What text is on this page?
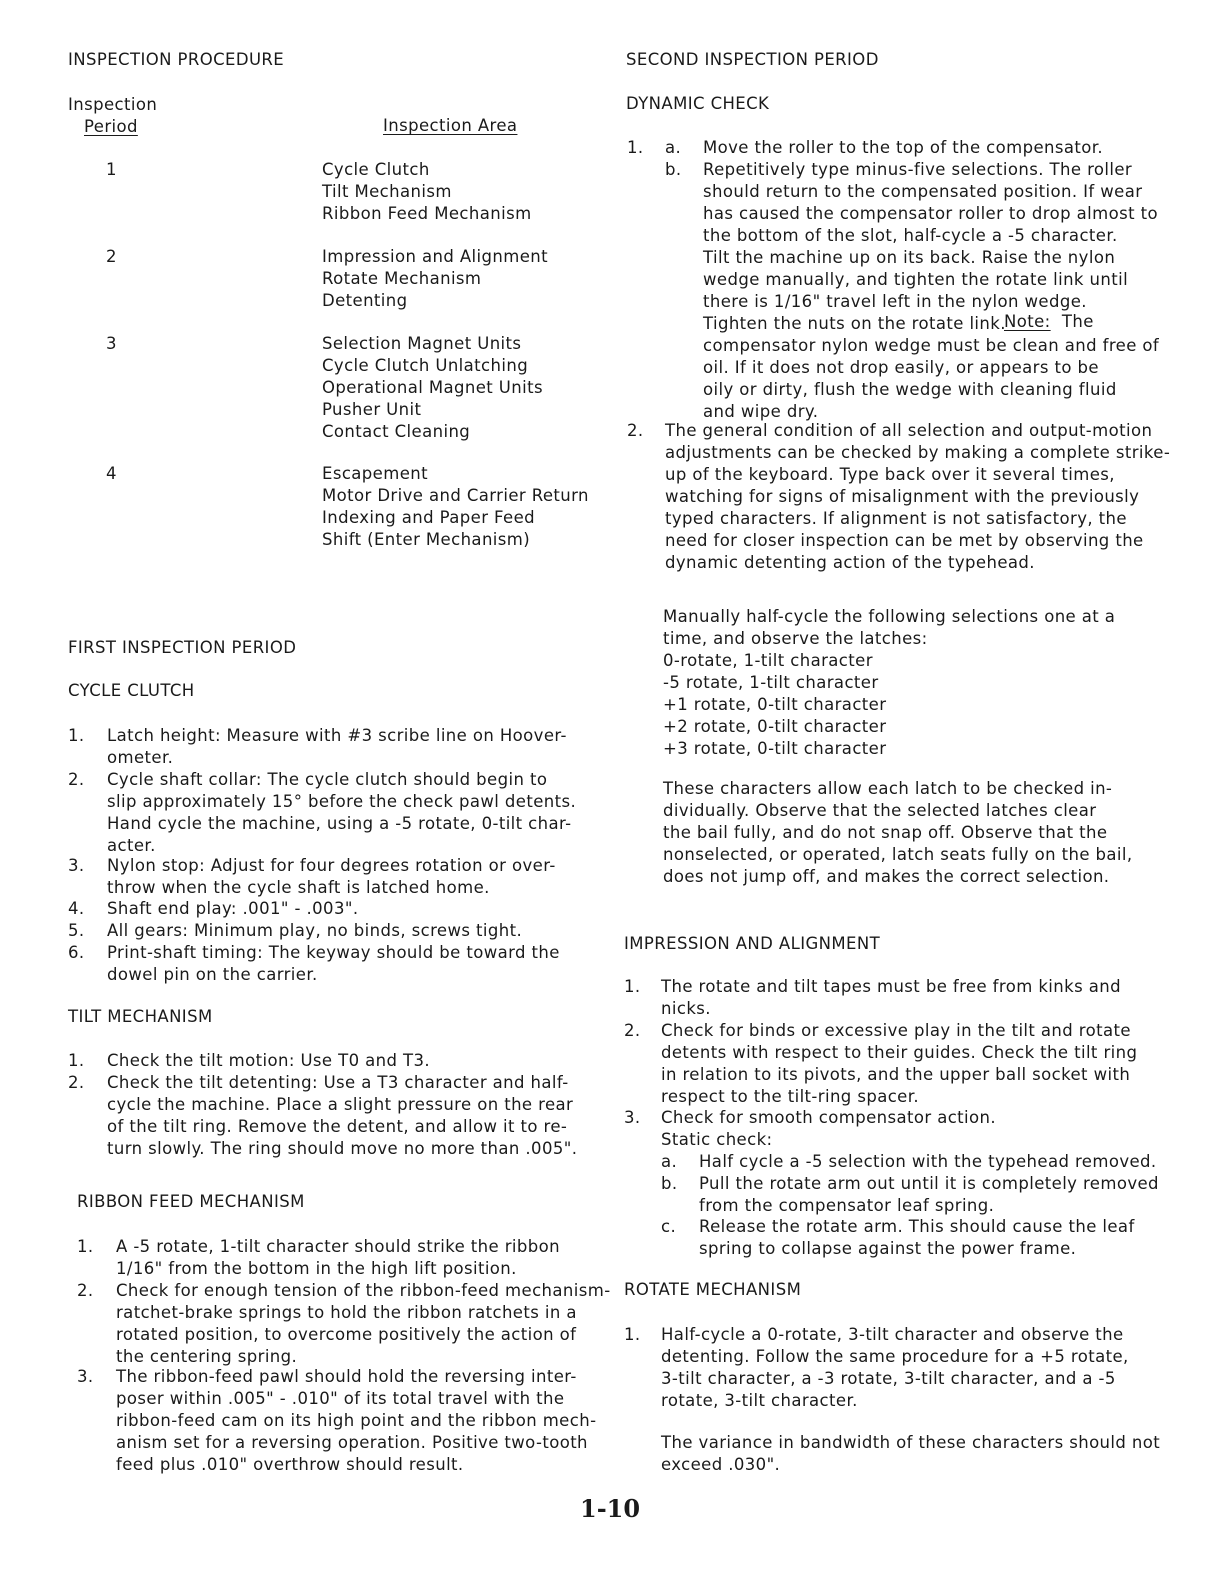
INSPECTION PROCEDURE
Inspection
Period	Inspection Area
1	Cycle Clutch
Tilt Mechanism
Ribbon Feed Mechanism
2	Impression and Alignment
Rotate Mechanism
Detenting
3	Selection Magnet Units
Cycle Clutch Unlatching
Operational Magnet Units
Pusher Unit
Contact Cleaning
4	Escapement
Motor Drive and Carrier Return
Indexing and Paper Feed
Shift (Enter Mechanism)
FIRST INSPECTION PERIOD
CYCLE CLUTCH
1. Latch height: Measure with #3 scribe line on Hoover-
ometer.
2. Cycle shaft collar: The cycle clutch should begin to
slip approximately 15° before the check pawl detents.
Hand cycle the machine, using a -5 rotate, 0-tilt char-
acter.
3. Nylon stop: Adjust for four degrees rotation or over-
throw when the cycle shaft is latched home.
4. Shaft end play: .001" - .003".
5. All gears: Minimum play, no binds, screws tight.
6. Print-shaft timing: The keyway should be toward the
dowel pin on the carrier.
TILT MECHANISM
1. Check the tilt motion: Use T0 and T3.
2. Check the tilt detenting: Use a T3 character and half-
cycle the machine. Place a slight pressure on the rear
of the tilt ring. Remove the detent, and allow it to re-
turn slowly. The ring should move no more than .005".
RIBBON FEED MECHANISM
1. A -5 rotate, 1-tilt character should strike the ribbon
1/16" from the bottom in the high lift position.
2. Check for enough tension of the ribbon-feed mechanism-
ratchet-brake springs to hold the ribbon ratchets in a
rotated position, to overcome positively the action of
the centering spring.
3. The ribbon-feed pawl should hold the reversing inter-
poser within .005" - .010" of its total travel with the
ribbon-feed cam on its high point and the ribbon mech-
anism set for a reversing operation. Positive two-tooth
feed plus .010" overthrow should result.
SECOND INSPECTION PERIOD
DYNAMIC CHECK
1. a. Move the roller to the top of the compensator.
b. Repetitively type minus-five selections. The roller
should return to the compensated position. If wear
has caused the compensator roller to drop almost to
the bottom of the slot, half-cycle a -5 character.
Tilt the machine up on its back. Raise the nylon
wedge manually, and tighten the rotate link until
there is 1/16" travel left in the nylon wedge.
Tighten the nuts on the rotate link.
compensator nylon wedge must be clean and free of
oil. If it does not drop easily, or appears to be
oily or dirty, flush the wedge with cleaning fluid
and wipe dry.
Note: The
2. The general condition of all selection and output-motion
adjustments can be checked by making a complete strike-
up of the keyboard. Type back over it several times,
watching for signs of misalignment with the previously
typed characters. If alignment is not satisfactory, the
need for closer inspection can be met by observing the
dynamic detenting action of the typehead.
Manually half-cycle the following selections one at a
time, and observe the latches:
0-rotate, 1-tilt character
-5 rotate, 1-tilt character
+1 rotate, 0-tilt character
+2 rotate, 0-tilt character
+3 rotate, 0-tilt character
These characters allow each latch to be checked in-
dividually. Observe that the selected latches clear
the bail fully, and do not snap off. Observe that the
nonselected, or operated, latch seats fully on the bail,
does not jump off, and makes the correct selection.
IMPRESSION AND ALIGNMENT
1. The rotate and tilt tapes must be free from kinks and
nicks.
2. Check for binds or excessive play in the tilt and rotate
detents with respect to their guides. Check the tilt ring
in relation to its pivots, and the upper ball socket with
respect to the tilt-ring spacer.
3. Check for smooth compensator action.
Static check:
a. Half cycle a -5 selection with the typehead removed.
b. Pull the rotate arm out until it is completely removed
from the compensator leaf spring.
c. Release the rotate arm. This should cause the leaf
spring to collapse against the power frame.
ROTATE MECHANISM
1. Half-cycle a 0-rotate, 3-tilt character and observe the
detenting. Follow the same procedure for a +5 rotate,
3-tilt character, a -3 rotate, 3-tilt character, and a -5
rotate, 3-tilt character.
The variance in bandwidth of these characters should not
exceed .030".
1-10
